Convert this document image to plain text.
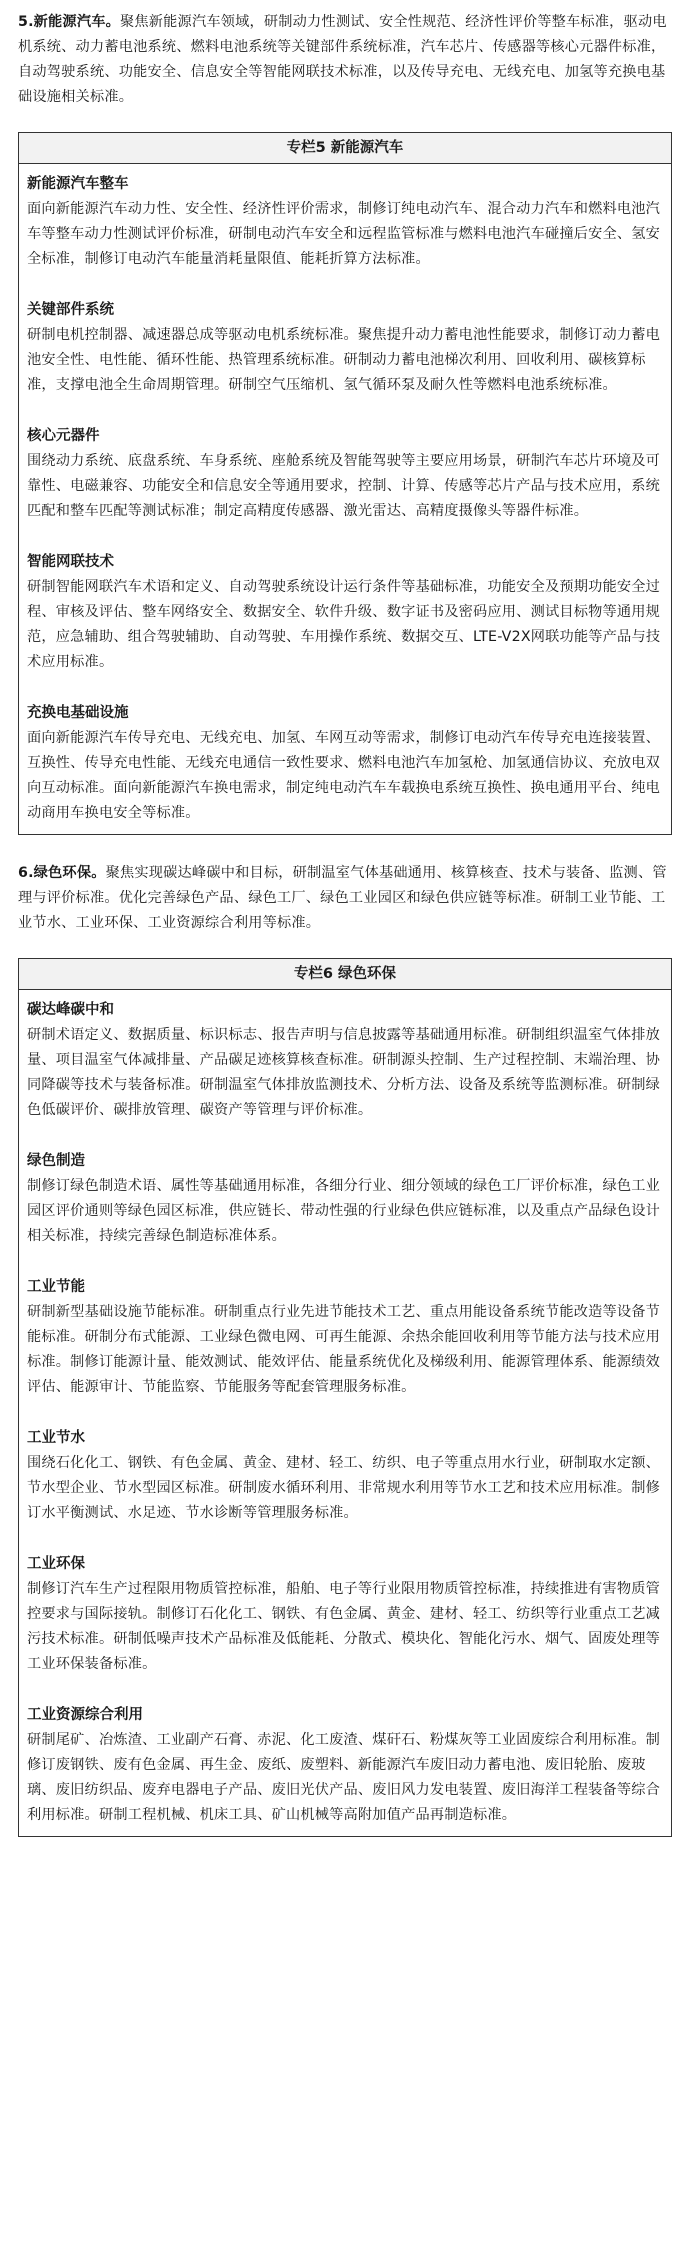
5.新能源汽车。聚焦新能源汽车领域，研制动力性测试、安全性规范、经济性评价等整车标准，驱动电机系统、动力蓄电池系统、燃料电池系统等关键部件系统标准，汽车芯片、传感器等核心元器件标准，自动驾驶系统、功能安全、信息安全等智能网联技术标准，以及传导充电、无线充电、加氢等充换电基础设施相关标准。

专栏5 新能源汽车

新能源汽车整车

面向新能源汽车动力性、安全性、经济性评价需求，制修订纯电动汽车、混合动力汽车和燃料电池汽车等整车动力性测试评价标准，研制电动汽车安全和远程监管标准与燃料电池汽车碰撞后安全、氢安全标准，制修订电动汽车能量消耗量限值、能耗折算方法标准。

关键部件系统

研制电机控制器、减速器总成等驱动电机系统标准。聚焦提升动力蓄电池性能要求，制修订动力蓄电池安全性、电性能、循环性能、热管理系统标准。研制动力蓄电池梯次利用、回收利用、碳核算标准，支撑电池全生命周期管理。研制空气压缩机、氢气循环泵及耐久性等燃料电池系统标准。

核心元器件

围绕动力系统、底盘系统、车身系统、座舱系统及智能驾驶等主要应用场景，研制汽车芯片环境及可靠性、电磁兼容、功能安全和信息安全等通用要求，控制、计算、传感等芯片产品与技术应用，系统匹配和整车匹配等测试标准；制定高精度传感器、激光雷达、高精度摄像头等器件标准。

智能网联技术

研制智能网联汽车术语和定义、自动驾驶系统设计运行条件等基础标准，功能安全及预期功能安全过程、审核及评估、整车网络安全、数据安全、软件升级、数字证书及密码应用、测试目标物等通用规范，应急辅助、组合驾驶辅助、自动驾驶、车用操作系统、数据交互、LTE-V2X网联功能等产品与技术应用标准。

充换电基础设施

面向新能源汽车传导充电、无线充电、加氢、车网互动等需求，制修订电动汽车传导充电连接装置、互换性、传导充电性能、无线充电通信一致性要求、燃料电池汽车加氢枪、加氢通信协议、充放电双向互动标准。面向新能源汽车换电需求，制定纯电动汽车车载换电系统互换性、换电通用平台、纯电动商用车换电安全等标准。

6.绿色环保。聚焦实现碳达峰碳中和目标，研制温室气体基础通用、核算核查、技术与装备、监测、管理与评价标准。优化完善绿色产品、绿色工厂、绿色工业园区和绿色供应链等标准。研制工业节能、工业节水、工业环保、工业资源综合利用等标准。

专栏6 绿色环保

碳达峰碳中和

研制术语定义、数据质量、标识标志、报告声明与信息披露等基础通用标准。研制组织温室气体排放量、项目温室气体减排量、产品碳足迹核算核查标准。研制源头控制、生产过程控制、末端治理、协同降碳等技术与装备标准。研制温室气体排放监测技术、分析方法、设备及系统等监测标准。研制绿色低碳评价、碳排放管理、碳资产等管理与评价标准。

绿色制造

制修订绿色制造术语、属性等基础通用标准，各细分行业、细分领域的绿色工厂评价标准，绿色工业园区评价通则等绿色园区标准，供应链长、带动性强的行业绿色供应链标准，以及重点产品绿色设计相关标准，持续完善绿色制造标准体系。

工业节能

研制新型基础设施节能标准。研制重点行业先进节能技术工艺、重点用能设备系统节能改造等设备节能标准。研制分布式能源、工业绿色微电网、可再生能源、余热余能回收利用等节能方法与技术应用标准。制修订能源计量、能效测试、能效评估、能量系统优化及梯级利用、能源管理体系、能源绩效评估、能源审计、节能监察、节能服务等配套管理服务标准。

工业节水

围绕石化化工、钢铁、有色金属、黄金、建材、轻工、纺织、电子等重点用水行业，研制取水定额、节水型企业、节水型园区标准。研制废水循环利用、非常规水利用等节水工艺和技术应用标准。制修订水平衡测试、水足迹、节水诊断等管理服务标准。

工业环保

制修订汽车生产过程限用物质管控标准，船舶、电子等行业限用物质管控标准，持续推进有害物质管控要求与国际接轨。制修订石化化工、钢铁、有色金属、黄金、建材、轻工、纺织等行业重点工艺减污技术标准。研制低噪声技术产品标准及低能耗、分散式、模块化、智能化污水、烟气、固废处理等工业环保装备标准。

工业资源综合利用

研制尾矿、冶炼渣、工业副产石膏、赤泥、化工废渣、煤矸石、粉煤灰等工业固废综合利用标准。制修订废钢铁、废有色金属、再生金、废纸、废塑料、新能源汽车废旧动力蓄电池、废旧轮胎、废玻璃、废旧纺织品、废弃电器电子产品、废旧光伏产品、废旧风力发电装置、废旧海洋工程装备等综合利用标准。研制工程机械、机床工具、矿山机械等高附加值产品再制造标准。
